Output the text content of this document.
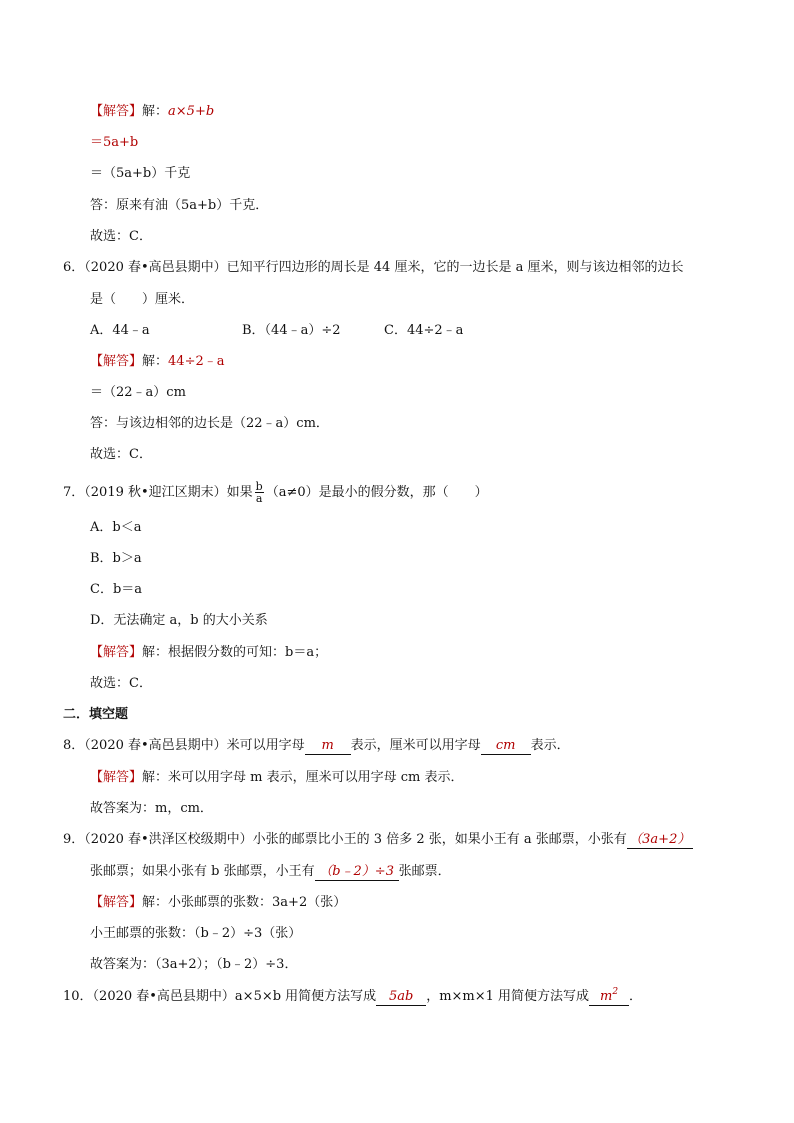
【解答】解：a×5+b
＝5a+b
＝（5a+b）千克
答：原来有油（5a+b）千克．
故选：C．
6．（2020 春•高邑县期中）已知平行四边形的周长是 44 厘米，它的一边长是 a 厘米，则与该边相邻的边长
是（　　）厘米．
A．44﹣a	B．（44﹣a）÷2	C．44÷2﹣a
【解答】解：44÷2﹣a
＝（22﹣a）cm
答：与该边相邻的边长是（22﹣a）cm．
故选：C．
7．（2019 秋•迎江区期末）如果 $\frac{b}{a} (a\ne 0)$是最小的假分数，那（　　）
A．b＜a
B．b＞a
C．b＝a
D．无法确定 a，b 的大小关系
【解答】解：根据假分数的可知：b＝a；
故选：C．
二．填空题
8．（2020 春•高邑县期中）米可以用字母 m 表示，厘米可以用字母 cm 表示．
【解答】解：米可以用字母 m 表示，厘米可以用字母 cm 表示．
故答案为：m，cm．
9．（2020 春•洪泽区校级期中）小张的邮票比小王的 3 倍多 2 张，如果小王有 a 张邮票，小张有 （3a+2）
张邮票；如果小张有 b 张邮票，小王有 （b﹣2）÷3 张邮票．
【解答】解：小张邮票的张数：3a+2（张）
小王邮票的张数：（b﹣2）÷3（张）
故答案为：（3a+2）；（b﹣2）÷3．
10．（2020 春•高邑县期中）a×5×b 用简便方法写成 5ab ，m×m×1 用简便方法写成 $m^2$ ．
